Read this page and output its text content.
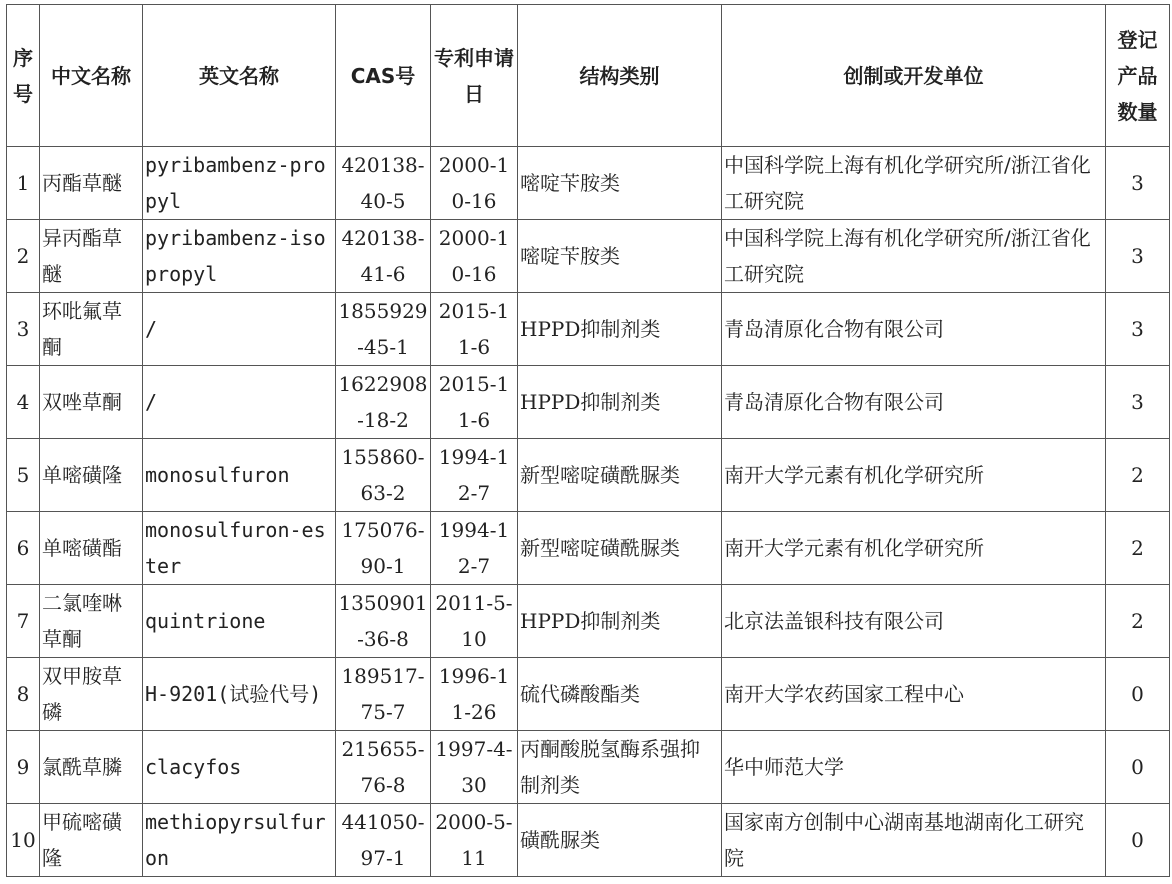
序号	中文名称	英文名称	CAS号	专利申请日	结构类别	创制或开发单位	登记产品数量
1	丙酯草醚	pyribambenz-propyl	420138-40-5	2000-10-16	嘧啶苄胺类	中国科学院上海有机化学研究所/浙江省化工研究院	3
2	异丙酯草醚	pyribambenz-isopropyl	420138-41-6	2000-10-16	嘧啶苄胺类	中国科学院上海有机化学研究所/浙江省化工研究院	3
3	环吡氟草酮	/	1855929-45-1	2015-11-6	HPPD抑制剂类	青岛清原化合物有限公司	3
4	双唑草酮	/	1622908-18-2	2015-11-6	HPPD抑制剂类	青岛清原化合物有限公司	3
5	单嘧磺隆	monosulfuron	155860-63-2	1994-12-7	新型嘧啶磺酰脲类	南开大学元素有机化学研究所	2
6	单嘧磺酯	monosulfuron-ester	175076-90-1	1994-12-7	新型嘧啶磺酰脲类	南开大学元素有机化学研究所	2
7	二氯喹啉草酮	quintrione	1350901-36-8	2011-5-10	HPPD抑制剂类	北京法盖银科技有限公司	2
8	双甲胺草磷	H-9201(试验代号)	189517-75-7	1996-11-26	硫代磷酸酯类	南开大学农药国家工程中心	0
9	氯酰草膦	clacyfos	215655-76-8	1997-4-30	丙酮酸脱氢酶系强抑制剂类	华中师范大学	0
10	甲硫嘧磺隆	methiopyrsulfuron	441050-97-1	2000-5-11	磺酰脲类	国家南方创制中心湖南基地湖南化工研究院	0
